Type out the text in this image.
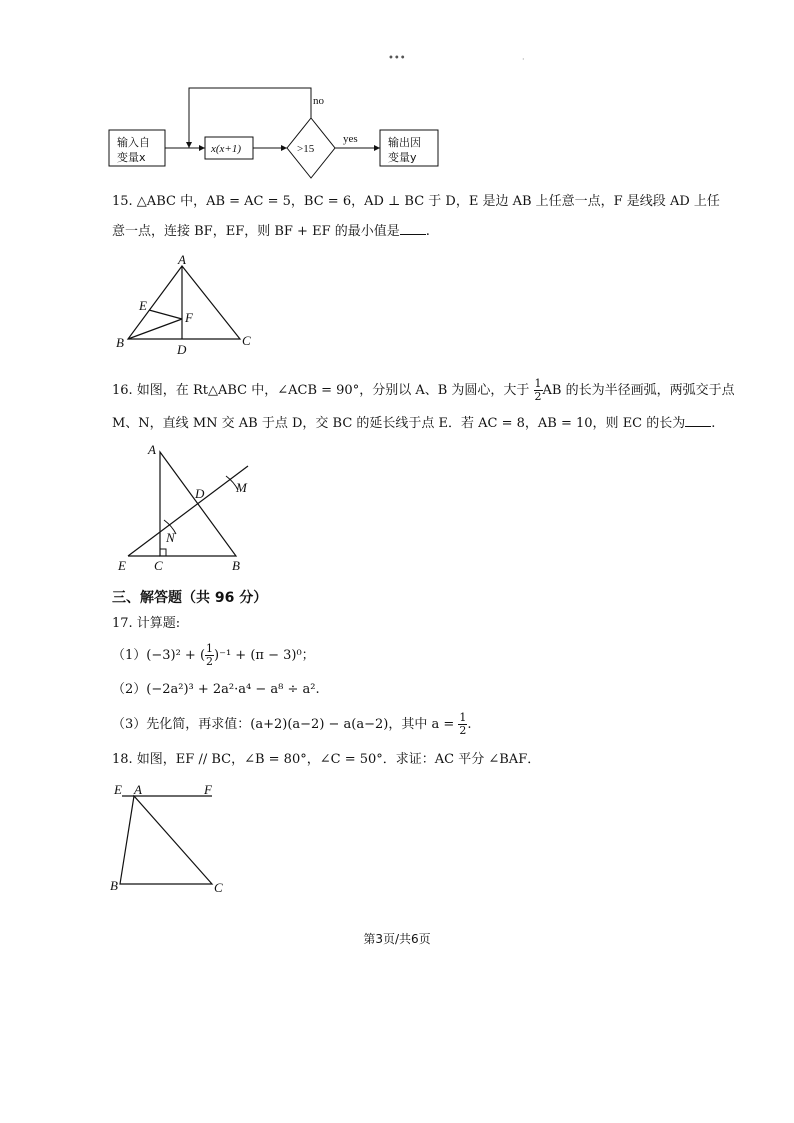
•••	·
输入自
变量x
x(x+1)	>15
no
yes	输出因
变量y
15. △ABC 中，AB = AC = 5，BC = 6，AD ⊥ BC 于 D，E 是边 AB 上任意一点，F 是线段 AD 上任
意一点，连接 BF，EF，则 BF + EF 的最小值是 .
A
B	C
D
E
F
16. 如图，在 Rt△ABC 中，∠ACB = 90°，分别以 A、B 为圆心，大于 $\frac{1}{2}$ AB 的长为半径画弧，两弧交于点
M、N，直线 MN 交 AB 于点 D，交 BC 的延长线于点 E．若 AC = 8，AB = 10，则 EC 的长为 .
A
B
C
D
E
M
N
三、解答题（共 96 分）
17. 计算题:
（1）(−3)² + ( $\frac{1}{2} )^{-1} + (\pi - 3)^0$；
（2）(−2a²)³ + 2a²·a⁴ − a⁸ ÷ a².
（3）先化简，再求值：(a+2)(a−2) − a(a−2)，其中 $a = \frac{1}{2}$ .
18. 如图，EF // BC，∠B = 80°，∠C = 50°．求证：AC 平分 ∠BAF．
E A	F
B	C
第3页/共6页
